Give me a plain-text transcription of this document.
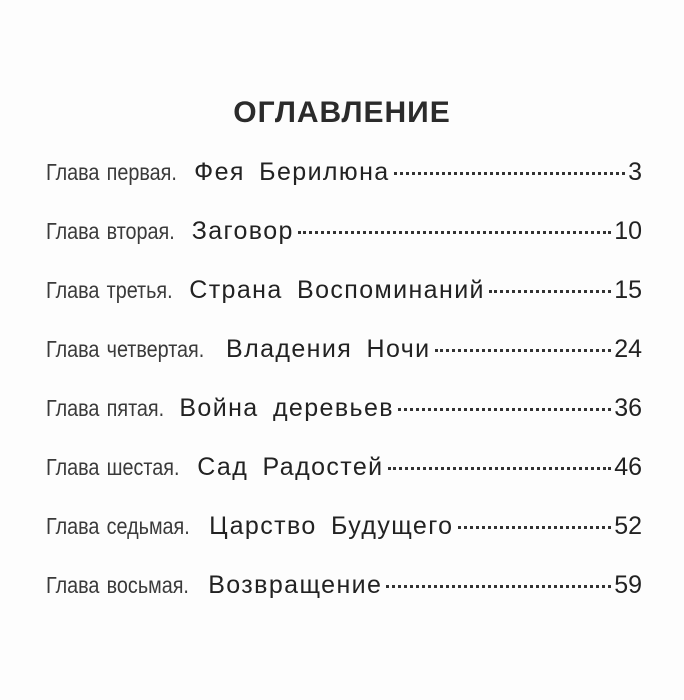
ОГЛАВЛЕНИЕ
Глава первая. Фея Берилюна	3
Глава вторая. Заговор	10
Глава третья. Страна Воспоминаний	15
Глава четвертая. Владения Ночи	24
Глава пятая. Война деревьев	36
Глава шестая. Сад Радостей	46
Глава седьмая. Царство Будущего	52
Глава восьмая. Возвращение	59
